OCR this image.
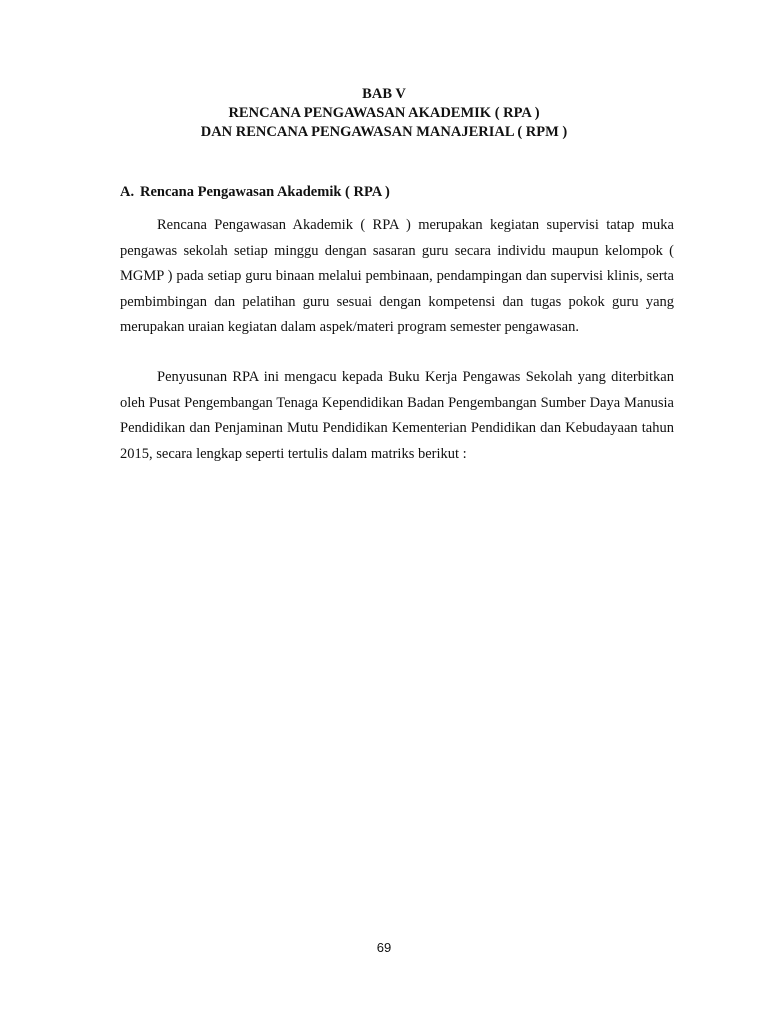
BAB V
RENCANA PENGAWASAN AKADEMIK ( RPA )
DAN RENCANA PENGAWASAN MANAJERIAL ( RPM )
A. Rencana Pengawasan Akademik ( RPA )

Rencana Pengawasan Akademik ( RPA ) merupakan kegiatan supervisi tatap muka pengawas sekolah setiap minggu dengan sasaran guru secara individu maupun kelompok ( MGMP ) pada setiap guru binaan melalui pembinaan, pendampingan dan supervisi klinis, serta pembimbingan dan pelatihan guru sesuai dengan kompetensi dan tugas pokok guru yang merupakan uraian kegiatan dalam aspek/materi program semester pengawasan.

Penyusunan RPA ini mengacu kepada Buku Kerja Pengawas Sekolah yang diterbitkan oleh Pusat Pengembangan Tenaga Kependidikan Badan Pengembangan Sumber Daya Manusia Pendidikan dan Penjaminan Mutu Pendidikan Kementerian Pendidikan dan Kebudayaan tahun 2015, secara lengkap seperti tertulis dalam matriks berikut :

69
